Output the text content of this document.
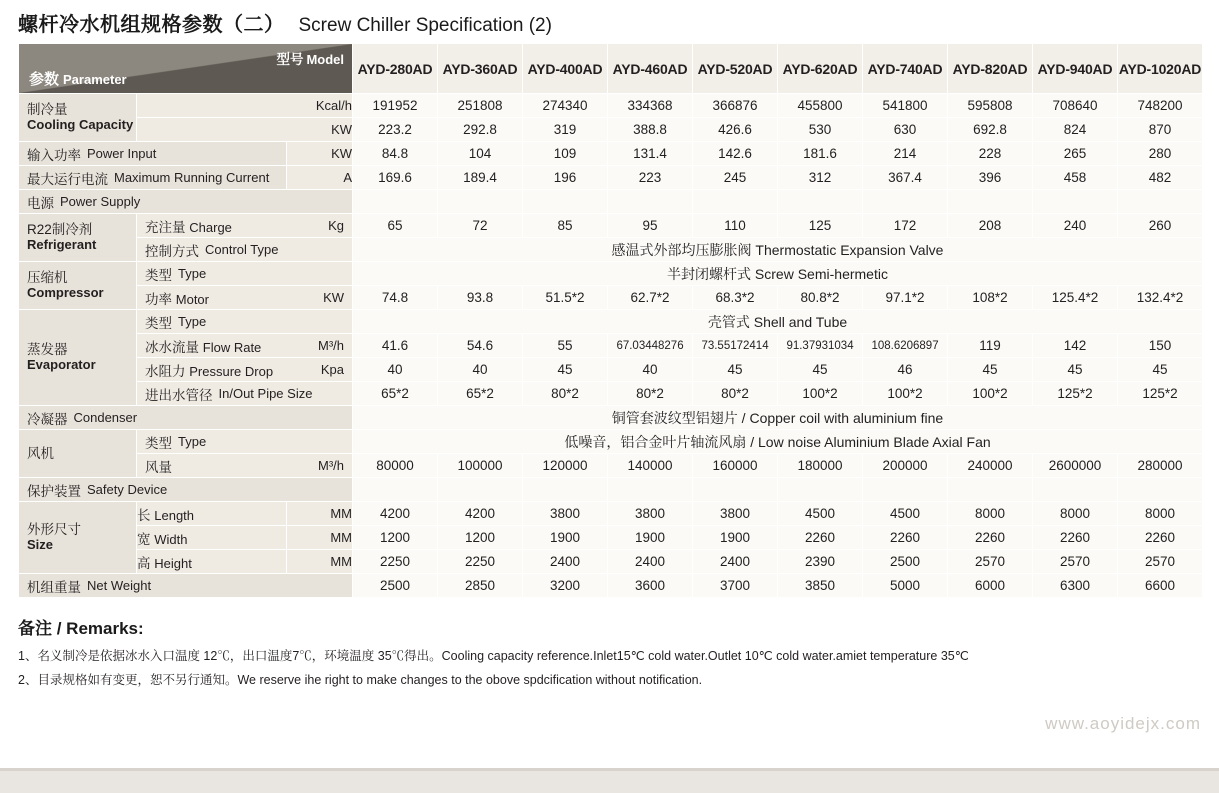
螺杆冷水机组规格参数（二） Screw Chiller Specification (2)
参数 Parameter
型号 Model			AYD-280AD	AYD-360AD	AYD-400AD	AYD-460AD	AYD-520AD	AYD-620AD	AYD-740AD	AYD-820AD	AYD-940AD	AYD-1020AD

制冷量
Cooling Capacity	Kcal/h		191952	251808	274340	334368	366876	455800	541800	595808	708640	748200
	KW		223.2	292.8	319	388.8	426.6	530	630	692.8	824	870

输入功率 Power Input		KW	84.8	104	109	131.4	142.6	181.6	214	228	265	280

最大运行电流 Maximum Running Current		A	169.6	189.4	196	223	245	312	367.4	396	458	482

电源 Power Supply												

R22制冷剂
Refrigerant	充注量 Charge Kg		65	72	85	95	110	125	172	208	240	260

	控制方式 Control Type		感温式外部均压膨胀阀 Thermostatic Expansion Valve									

压缩机
Compressor	类型 Type		半封闭螺杆式 Screw Semi-hermetic									

	功率 Motor KW		74.8	93.8	51.5*2	62.7*2	68.3*2	80.8*2	97.1*2	108*2	125.4*2	132.4*2

蒸发器
Evaporator	类型 Type		壳管式 Shell and Tube									

	冰水流量 Flow Rate M³/h		41.6	54.6	55	67.03448276	73.55172414	91.37931034	108.6206897	119	142	150

	水阻力 Pressure Drop Kpa		40	40	45	40	45	45	46	45	45	45

	进出水管径 In/Out Pipe Size		65*2	65*2	80*2	80*2	80*2	100*2	100*2	100*2	125*2	125*2

冷凝器 Condenser			铜管套波纹型铝翅片 / Copper coil with aluminium fine									

风机	类型 Type		低噪音，铝合金叶片轴流风扇 / Low noise Aluminium Blade Axial Fan									

	风量 M³/h		80000	100000	120000	140000	160000	180000	200000	240000	2600000	280000

保护装置 Safety Device												

外形尺寸
Size	长 Length	MM	4200	4200	3800	3800	3800	4500	4500	8000	8000	8000
	宽 Width	MM	1200	1200	1900	1900	1900	2260	2260	2260	2260	2260
	高 Height	MM	2250	2250	2400	2400	2400	2390	2500	2570	2570	2570

机组重量 Net Weight			2500	2850	3200	3600	3700	3850	5000	6000	6300	6600
备注 / Remarks:
1、名义制冷是依据冰水入口温度 12℃，出口温度7℃，环境温度 35℃得出。Cooling capacity reference.Inlet15℃ cold water.Outlet 10℃ cold water.amiet temperature 35℃
2、目录规格如有变更，恕不另行通知。We reserve ihe right to make changes to the obove spdcification without notification.
www.aoyidejx.com
